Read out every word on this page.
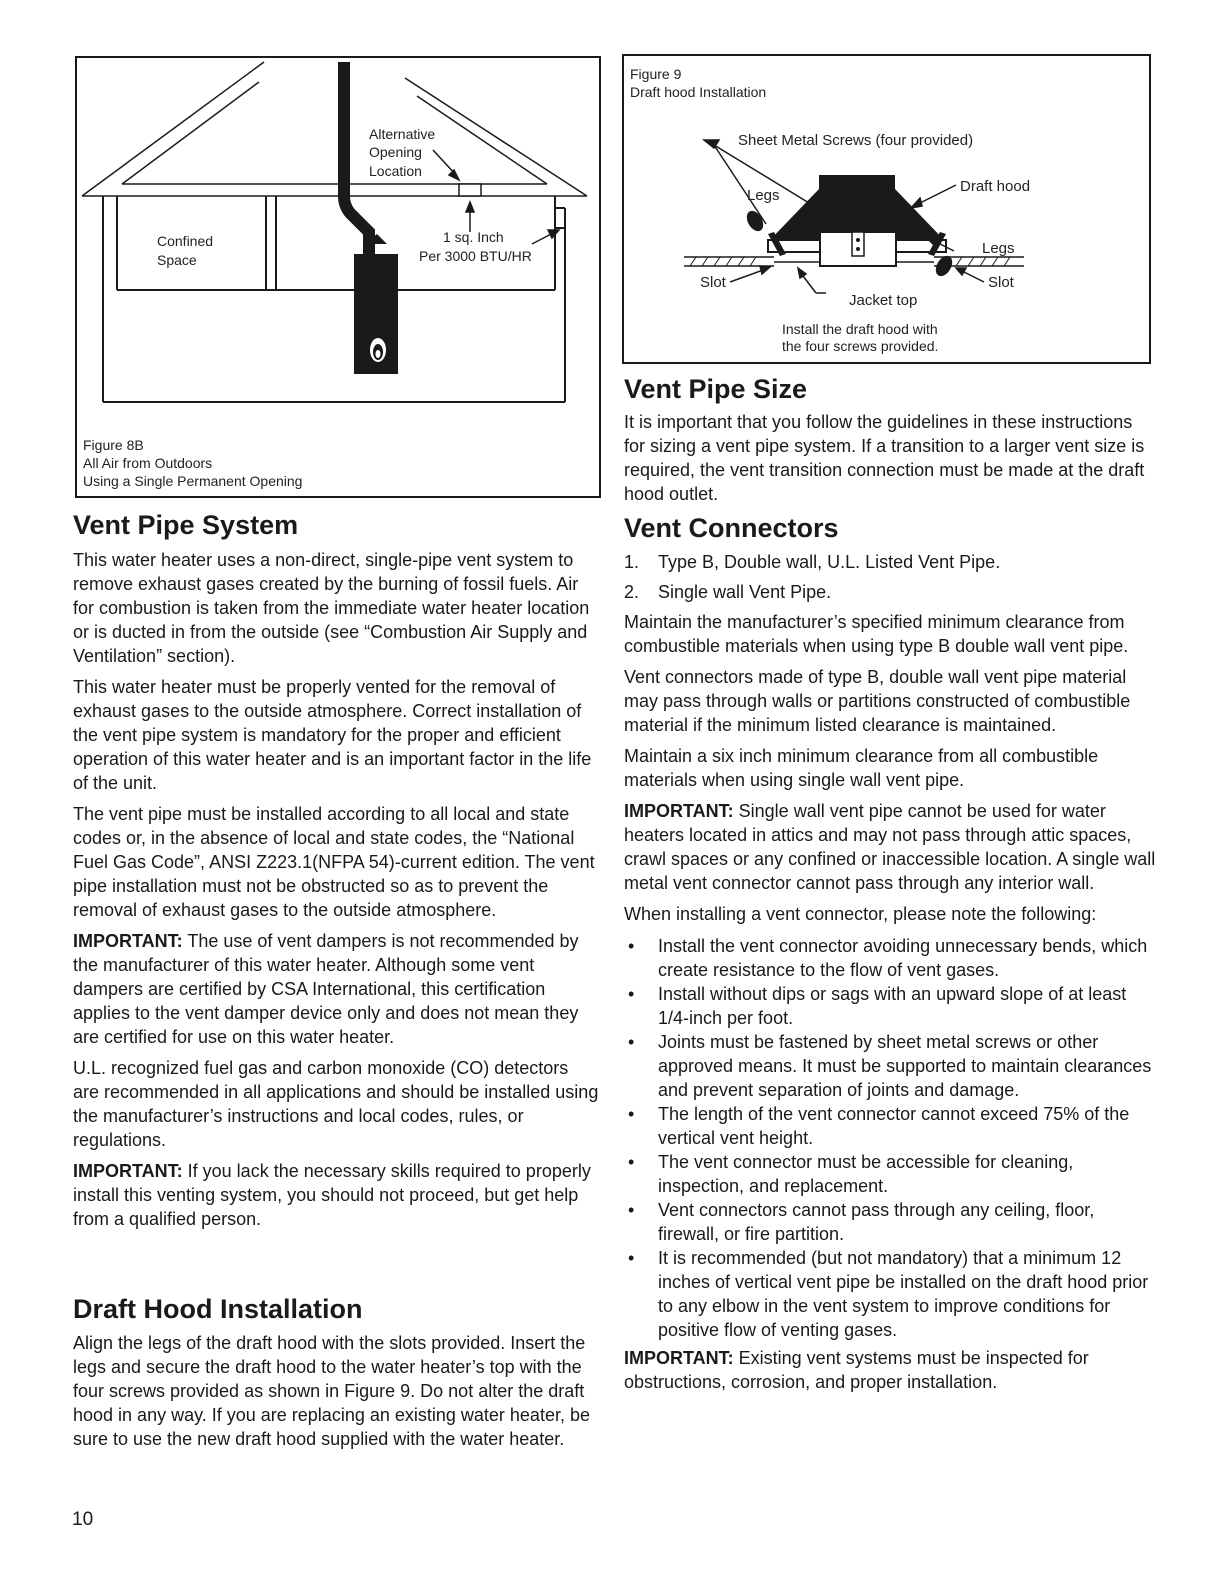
Alternative
Opening
Location
Confined
Space
1 sq. Inch
Per 3000 BTU/HR
Figure 8B
All Air from Outdoors
Using a Single Permanent Opening
Figure 9
Draft hood Installation
Sheet Metal Screws (four provided)
Draft hood
Legs
Legs
Slot	Slot
Jacket top
Install the draft hood with
the four screws provided.
Vent Pipe System

This water heater uses a non-direct, single-pipe vent system to remove exhaust gases created by the burning of fossil fuels. Air for combustion is taken from the immediate water heater location or is ducted in from the outside (see “Combustion Air Supply and Ventilation” section).

This water heater must be properly vented for the removal of exhaust gases to the outside atmosphere. Correct installation of the vent pipe system is mandatory for the proper and efficient operation of this water heater and is an important factor in the life of the unit.

The vent pipe must be installed according to all local and state codes or, in the absence of local and state codes, the “National Fuel Gas Code”, ANSI Z223.1(NFPA 54)-current edition. The vent pipe installation must not be obstructed so as to prevent the removal of exhaust gases to the outside atmosphere.

IMPORTANT: The use of vent dampers is not recommended by the manufacturer of this water heater. Although some vent dampers are certified by CSA International, this certification applies to the vent damper device only and does not mean they are certified for use on this water heater.

U.L. recognized fuel gas and carbon monoxide (CO) detectors are recommended in all applications and should be installed using the manufacturer’s instructions and local codes, rules, or regulations.

IMPORTANT: If you lack the necessary skills required to properly install this venting system, you should not proceed, but get help from a qualified person.

Draft Hood Installation

Align the legs of the draft hood with the slots provided. Insert the legs and secure the draft hood to the water heater’s top with the four screws provided as shown in Figure 9. Do not alter the draft hood in any way. If you are replacing an existing water heater, be sure to use the new draft hood supplied with the water heater.

Vent Pipe Size

It is important that you follow the guidelines in these instructions for sizing a vent pipe system. If a transition to a larger vent size is required, the vent transition connection must be made at the draft hood outlet.

Vent Connectors
1.	Type B, Double wall, U.L. Listed Vent Pipe.
2.	Single wall Vent Pipe.

Maintain the manufacturer’s specified minimum clearance from combustible materials when using type B double wall vent pipe.

Vent connectors made of type B, double wall vent pipe material may pass through walls or partitions constructed of combustible material if the minimum listed clearance is maintained.

Maintain a six inch minimum clearance from all combustible materials when using single wall vent pipe.

IMPORTANT: Single wall vent pipe cannot be used for water heaters located in attics and may not pass through attic spaces, crawl spaces or any confined or inaccessible location. A single wall metal vent connector cannot pass through any interior wall.

When installing a vent connector, please note the following:

•	Install the vent connector avoiding unnecessary bends, which create resistance to the flow of vent gases.
•	Install without dips or sags with an upward slope of at least 1/4-inch per foot.
•	Joints must be fastened by sheet metal screws or other approved means. It must be supported to maintain clearances and prevent separation of joints and damage.
•	The length of the vent connector cannot exceed 75% of the vertical vent height.
•	The vent connector must be accessible for cleaning, inspection, and replacement.
•	Vent connectors cannot pass through any ceiling, floor, firewall, or fire partition.
•	It is recommended (but not mandatory) that a minimum 12 inches of vertical vent pipe be installed on the draft hood prior to any elbow in the vent system to improve conditions for positive flow of venting gases.

IMPORTANT: Existing vent systems must be inspected for obstructions, corrosion, and proper installation.

10
